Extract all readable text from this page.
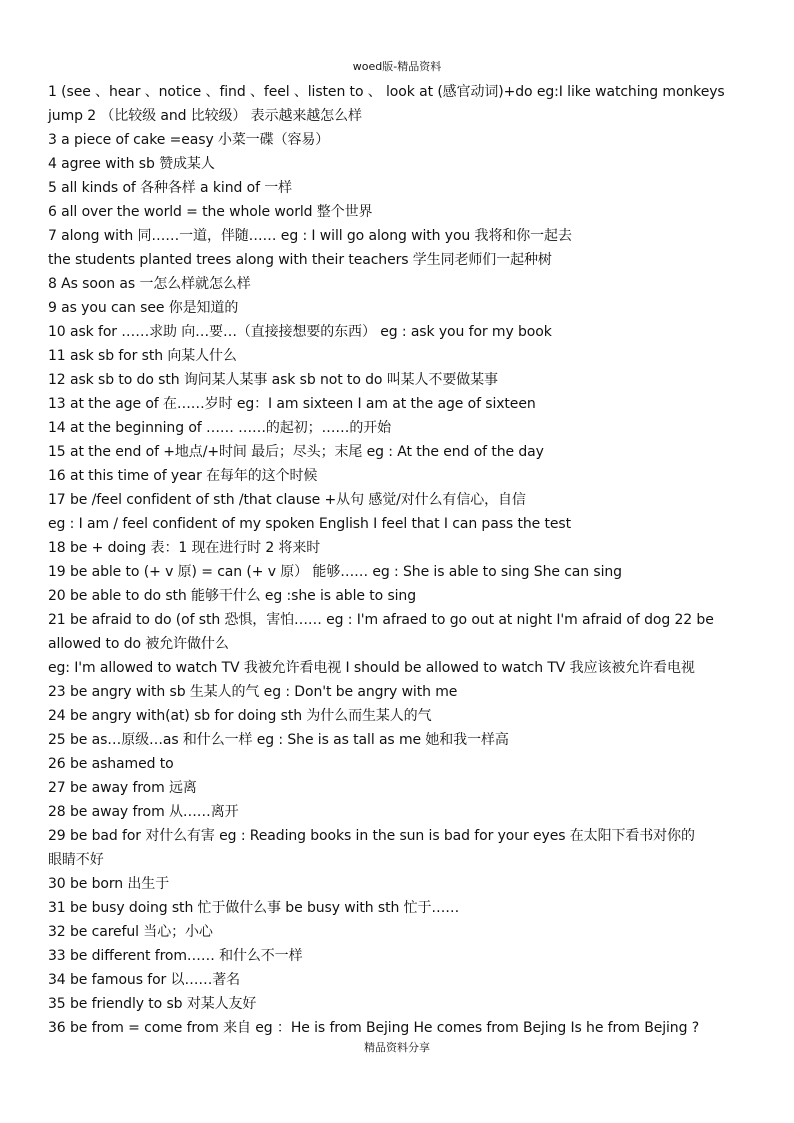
woed版-精品资料
1 (see 、hear 、notice 、find 、feel 、listen to 、 look at (感官动词)+do eg:I like watching monkeys
jump 2 （比较级 and 比较级） 表示越来越怎么样
3 a piece of cake =easy 小菜一碟（容易）
4 agree with sb 赞成某人
5 all kinds of 各种各样 a kind of 一样
6 all over the world = the whole world 整个世界
7 along with 同……一道，伴随…… eg : I will go along with you 我将和你一起去
the students planted trees along with their teachers 学生同老师们一起种树
8 As soon as 一怎么样就怎么样
9 as you can see 你是知道的
10 ask for ……求助 向…要…（直接接想要的东西） eg : ask you for my book
11 ask sb for sth 向某人什么
12 ask sb to do sth 询问某人某事 ask sb not to do 叫某人不要做某事
13 at the age of 在……岁时 eg：I am sixteen I am at the age of sixteen
14 at the beginning of …… ……的起初；……的开始
15 at the end of +地点/+时间 最后；尽头；末尾 eg : At the end of the day
16 at this time of year 在每年的这个时候
17 be /feel confident of sth /that clause +从句 感觉/对什么有信心，自信
eg : I am / feel confident of my spoken English I feel that I can pass the test
18 be + doing 表：1 现在进行时 2 将来时
19 be able to (+ v 原) = can (+ v 原） 能够…… eg : She is able to sing She can sing
20 be able to do sth 能够干什么 eg :she is able to sing
21 be afraid to do (of sth 恐惧，害怕…… eg : I'm afraed to go out at night I'm afraid of dog 22 be
allowed to do 被允许做什么
eg: I'm allowed to watch TV 我被允许看电视 I should be allowed to watch TV 我应该被允许看电视
23 be angry with sb 生某人的气 eg : Don't be angry with me
24 be angry with(at) sb for doing sth 为什么而生某人的气
25 be as…原级…as 和什么一样 eg : She is as tall as me 她和我一样高
26 be ashamed to
27 be away from 远离
28 be away from 从……离开
29 be bad for 对什么有害 eg : Reading books in the sun is bad for your eyes 在太阳下看书对你的
眼睛不好
30 be born 出生于
31 be busy doing sth 忙于做什么事 be busy with sth 忙于……
32 be careful 当心；小心
33 be different from…… 和什么不一样
34 be famous for 以……著名
35 be friendly to sb 对某人友好
36 be from = come from 来自 eg ：He is from Bejing He comes from Bejing Is he from Bejing ?
精品资料分享
